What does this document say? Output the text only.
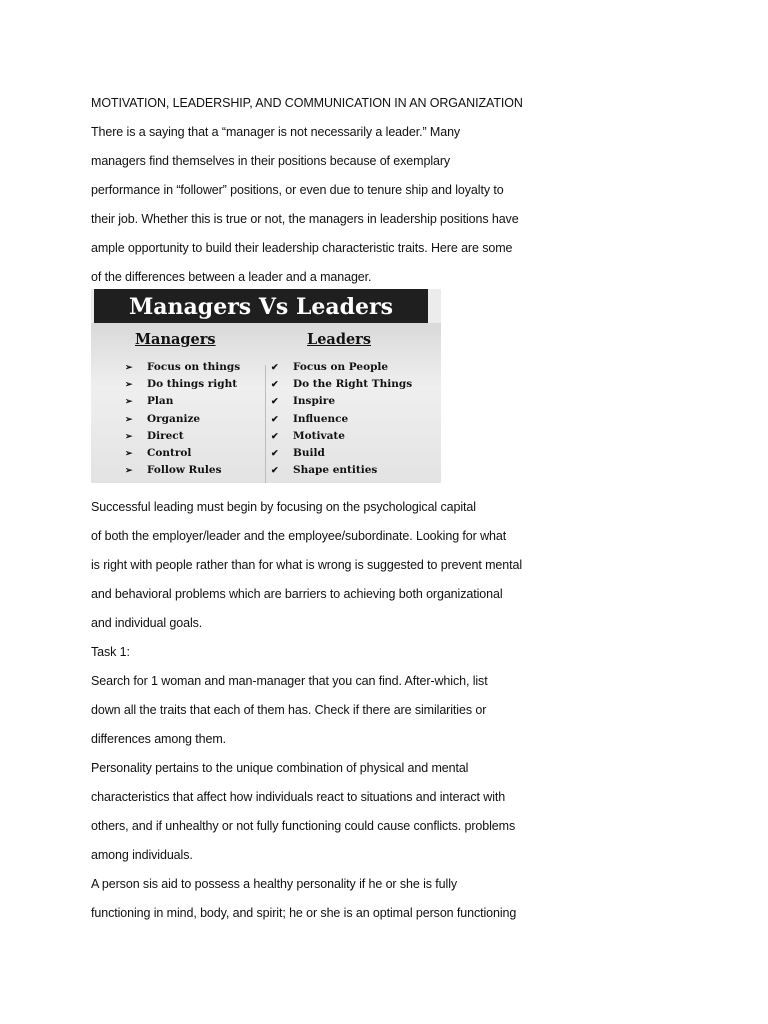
MOTIVATION, LEADERSHIP, AND COMMUNICATION IN AN ORGANIZATION
There is a saying that a “manager is not necessarily a leader.” Many
managers find themselves in their positions because of exemplary
performance in “follower” positions, or even due to tenure ship and loyalty to
their job. Whether this is true or not, the managers in leadership positions have
ample opportunity to build their leadership characteristic traits. Here are some
of the differences between a leader and a manager.
Managers Vs Leaders
Managers	Leaders
➢ Focus on things
➢ Do things right
➢ Plan
➢ Organize
➢ Direct
➢ Control
➢ Follow Rules
✔ Focus on People
✔ Do the Right Things
✔ Inspire
✔ Influence
✔ Motivate
✔ Build
✔ Shape entities
Successful leading must begin by focusing on the psychological capital
of both the employer/leader and the employee/subordinate. Looking for what
is right with people rather than for what is wrong is suggested to prevent mental
and behavioral problems which are barriers to achieving both organizational
and individual goals.
Task 1:
Search for 1 woman and man-manager that you can find. After-which, list
down all the traits that each of them has. Check if there are similarities or
differences among them.
Personality pertains to the unique combination of physical and mental
characteristics that affect how individuals react to situations and interact with
others, and if unhealthy or not fully functioning could cause conflicts. problems
among individuals.
A person sis aid to possess a healthy personality if he or she is fully
functioning in mind, body, and spirit; he or she is an optimal person functioning
